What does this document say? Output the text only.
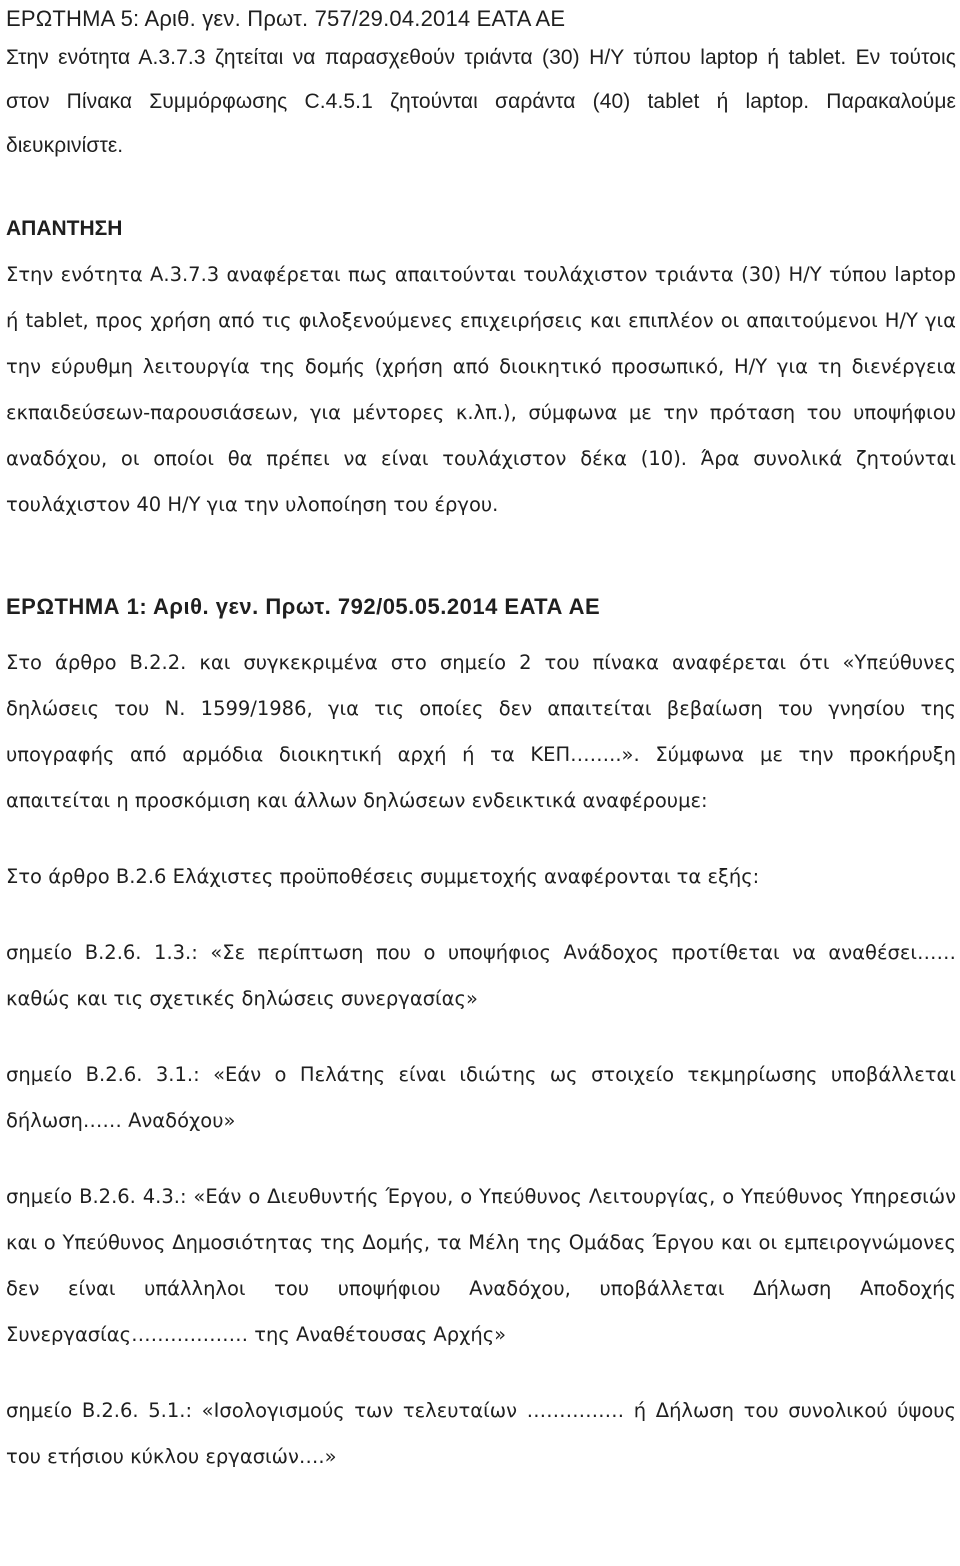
ΕΡΩΤΗΜΑ 5: Αριθ. γεν. Πρωτ. 757/29.04.2014 ΕΑΤΑ ΑΕ

Στην ενότητα Α.3.7.3 ζητείται να παρασχεθούν τριάντα (30) Η/Υ τύπου laptop ή tablet. Εν τούτοις στον Πίνακα Συμμόρφωσης C.4.5.1 ζητούνται σαράντα (40) tablet ή laptop. Παρακαλούμε διευκρινίστε.

ΑΠΑΝΤΗΣΗ

Στην ενότητα Α.3.7.3 αναφέρεται πως απαιτούνται τουλάχιστον τριάντα (30) Η/Υ τύπου laptop ή tablet, προς χρήση από τις φιλοξενούμενες επιχειρήσεις και επιπλέον οι απαιτούμενοι Η/Υ για την εύρυθμη λειτουργία της δομής (χρήση από διοικητικό προσωπικό, Η/Υ για τη διενέργεια εκπαιδεύσεων-παρουσιάσεων, για μέντορες κ.λπ.), σύμφωνα με την πρόταση του υποψήφιου αναδόχου, οι οποίοι θα πρέπει να είναι τουλάχιστον δέκα (10). Άρα συνολικά ζητούνται τουλάχιστον 40 Η/Υ για την υλοποίηση του έργου.

ΕΡΩΤΗΜΑ 1: Αριθ. γεν. Πρωτ. 792/05.05.2014 ΕΑΤΑ ΑΕ

Στο άρθρο Β.2.2. και συγκεκριμένα στο σημείο 2 του πίνακα αναφέρεται ότι «Υπεύθυνες δηλώσεις του Ν. 1599/1986, για τις οποίες δεν απαιτείται βεβαίωση του γνησίου της υπογραφής από αρμόδια διοικητική αρχή ή τα ΚΕΠ……..». Σύμφωνα με την προκήρυξη απαιτείται η προσκόμιση και άλλων δηλώσεων ενδεικτικά αναφέρουμε:

Στο άρθρο Β.2.6 Ελάχιστες προϋποθέσεις συμμετοχής αναφέρονται τα εξής:

σημείο Β.2.6. 1.3.: «Σε περίπτωση που ο υποψήφιος Ανάδοχος προτίθεται να αναθέσει…… καθώς και τις σχετικές δηλώσεις συνεργασίας»

σημείο Β.2.6. 3.1.: «Εάν ο Πελάτης είναι ιδιώτης ως στοιχείο τεκμηρίωσης υποβάλλεται δήλωση…… Αναδόχου»

σημείο Β.2.6. 4.3.: «Εάν ο Διευθυντής Έργου, ο Υπεύθυνος Λειτουργίας, ο Υπεύθυνος Υπηρεσιών και ο Υπεύθυνος Δημοσιότητας της Δομής, τα Μέλη της Ομάδας Έργου και οι εμπειρογνώμονες δεν είναι υπάλληλοι του υποψήφιου Αναδόχου, υποβάλλεται Δήλωση Αποδοχής Συνεργασίας……………… της Αναθέτουσας Αρχής»

σημείο Β.2.6. 5.1.: «Ισολογισμούς των τελευταίων …………… ή Δήλωση του συνολικού ύψους του ετήσιου κύκλου εργασιών….»
